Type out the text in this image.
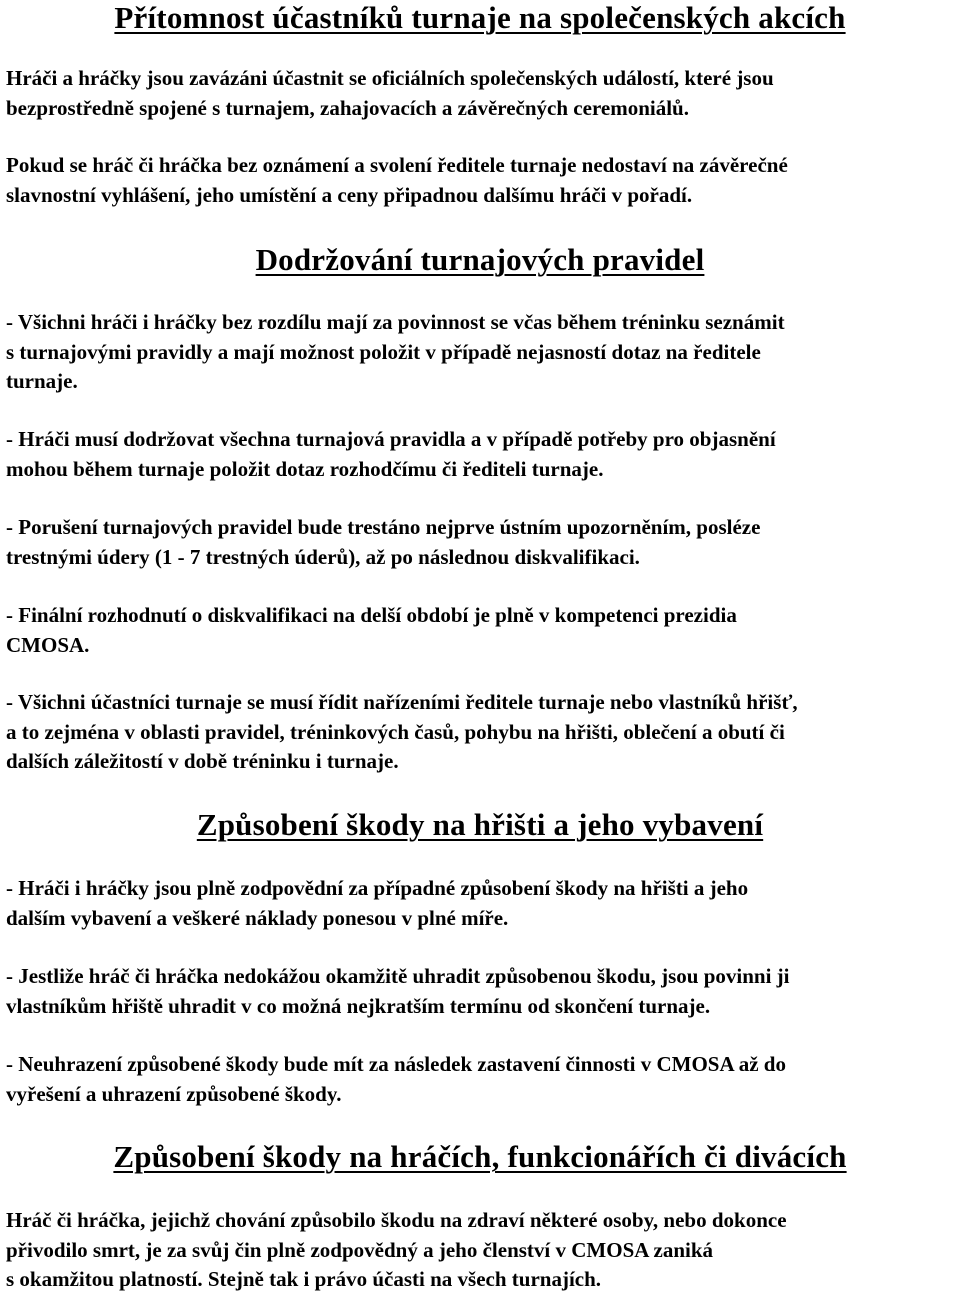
Přítomnost účastníků turnaje na společenských akcích

Hráči a hráčky jsou zavázáni účastnit se oficiálních společenských událostí, které jsou
bezprostředně spojené s turnajem, zahajovacích a závěrečných ceremoniálů.

Pokud se hráč či hráčka bez oznámení a svolení ředitele turnaje nedostaví na závěrečné
slavnostní vyhlášení, jeho umístění a ceny připadnou dalšímu hráči v pořadí.

Dodržování turnajových pravidel

- Všichni hráči i hráčky bez rozdílu mají za povinnost se včas během tréninku seznámit
s turnajovými pravidly a mají možnost položit v případě nejasností dotaz na ředitele
turnaje.

- Hráči musí dodržovat všechna turnajová pravidla a v případě potřeby pro objasnění
mohou během turnaje položit dotaz rozhodčímu či řediteli turnaje.

- Porušení turnajových pravidel bude trestáno nejprve ústním upozorněním, posléze
trestnými údery (1 - 7 trestných úderů), až po následnou diskvalifikaci.

- Finální rozhodnutí o diskvalifikaci na delší období je plně v kompetenci prezidia
CMOSA.

- Všichni účastníci turnaje se musí řídit nařízeními ředitele turnaje nebo vlastníků hřišť,
a to zejména v oblasti pravidel, tréninkových časů, pohybu na hřišti, oblečení a obutí či
dalších záležitostí v době tréninku i turnaje.

Způsobení škody na hřišti a jeho vybavení

- Hráči i hráčky jsou plně zodpovědní za případné způsobení škody na hřišti a jeho
dalším vybavení a veškeré náklady ponesou v plné míře.

- Jestliže hráč či hráčka nedokážou okamžitě uhradit způsobenou škodu, jsou povinni ji
vlastníkům hřiště uhradit v co možná nejkratším termínu od skončení turnaje.

- Neuhrazení způsobené škody bude mít za následek zastavení činnosti v CMOSA až do
vyřešení a uhrazení způsobené škody.

Způsobení škody na hráčích, funkcionářích či divácích

Hráč či hráčka, jejichž chování způsobilo škodu na zdraví některé osoby, nebo dokonce
přivodilo smrt, je za svůj čin plně zodpovědný a jeho členství v CMOSA zaniká
s okamžitou platností. Stejně tak i právo účasti na všech turnajích.
